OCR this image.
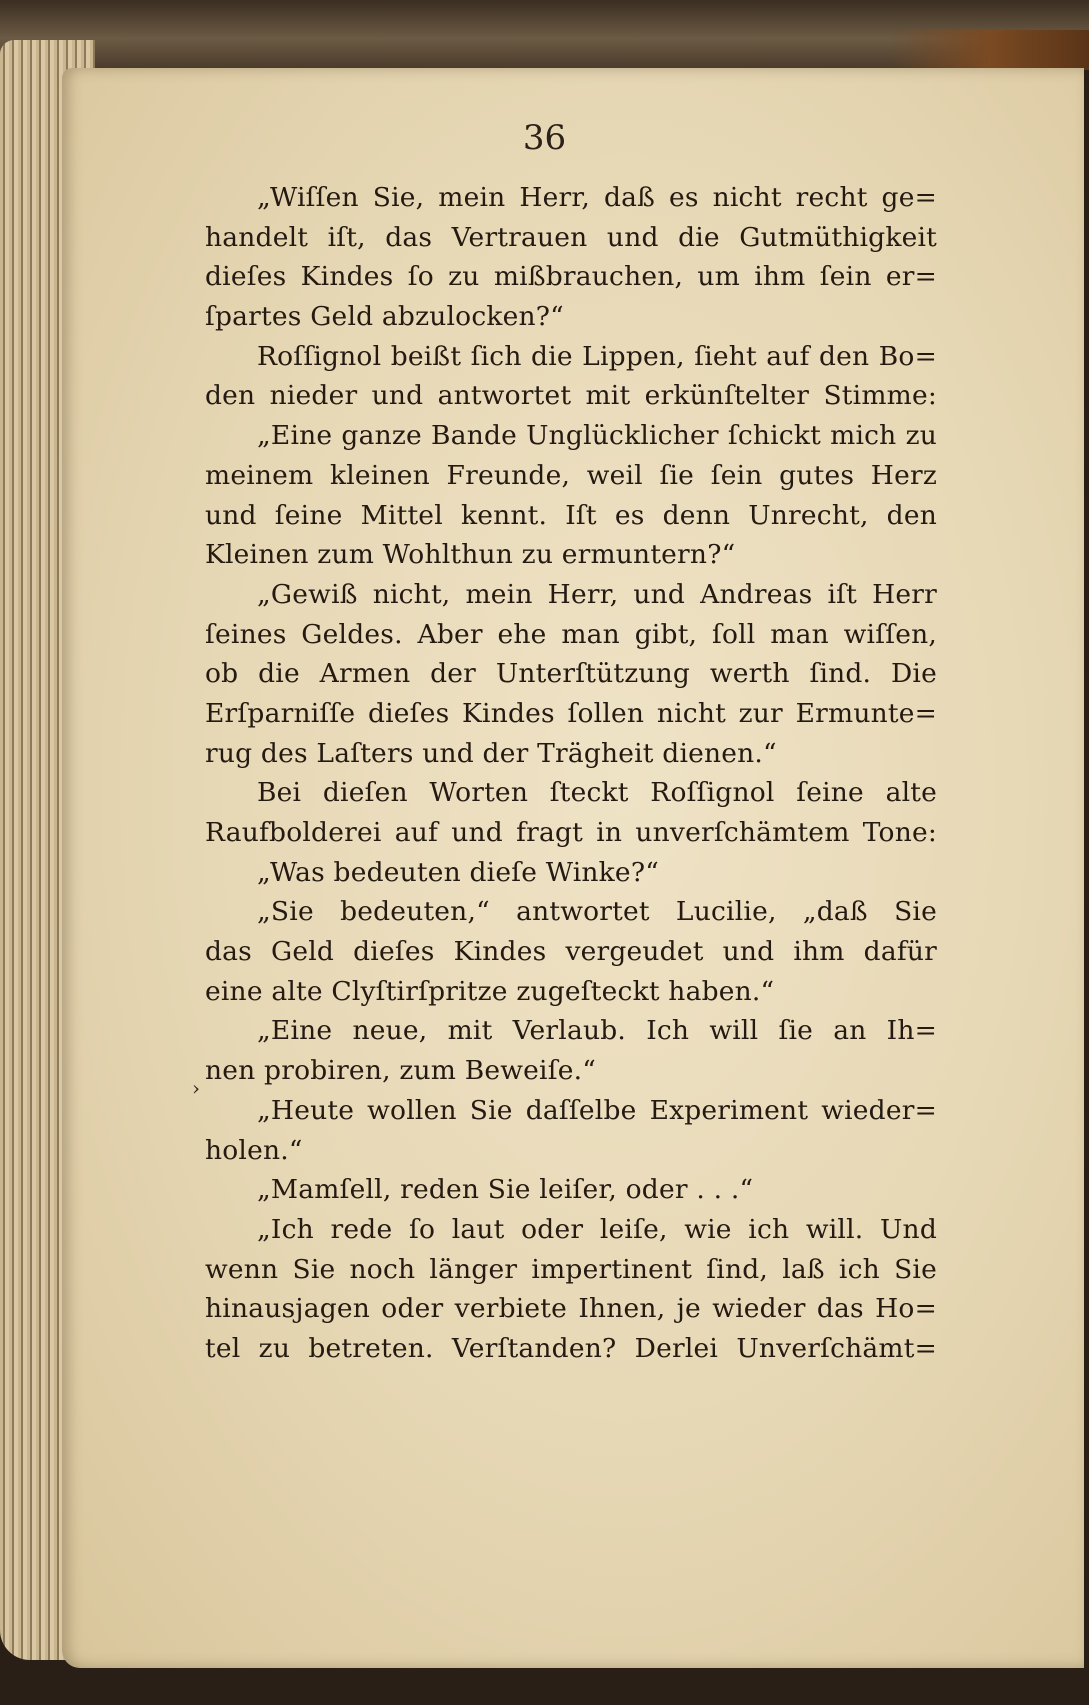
36
„Wiſſen Sie, mein Herr, daß es nicht recht ge=
handelt iſt, das Vertrauen und die Gutmüthigkeit
dieſes Kindes ſo zu mißbrauchen, um ihm ſein er=
ſpartes Geld abzulocken?“
Roſſignol beißt ſich die Lippen, ſieht auf den Bo=
den nieder und antwortet mit erkünſtelter Stimme:
„Eine ganze Bande Unglücklicher ſchickt mich zu
meinem kleinen Freunde, weil ſie ſein gutes Herz
und ſeine Mittel kennt. Iſt es denn Unrecht, den
Kleinen zum Wohlthun zu ermuntern?“
„Gewiß nicht, mein Herr, und Andreas iſt Herr
ſeines Geldes. Aber ehe man gibt, ſoll man wiſſen,
ob die Armen der Unterſtützung werth ſind. Die
Erſparniſſe dieſes Kindes ſollen nicht zur Ermunte=
rug des Laſters und der Trägheit dienen.“
Bei dieſen Worten ſteckt Roſſignol ſeine alte
Raufbolderei auf und fragt in unverſchämtem Tone:
„Was bedeuten dieſe Winke?“
„Sie bedeuten,“ antwortet Lucilie, „daß Sie
das Geld dieſes Kindes vergeudet und ihm dafür
eine alte Clyſtirſpritze zugeſteckt haben.“
„Eine neue, mit Verlaub. Ich will ſie an Ih=
nen probiren, zum Beweiſe.“
„Heute wollen Sie daſſelbe Experiment wieder=
holen.“
„Mamſell, reden Sie leiſer, oder . . .“
„Ich rede ſo laut oder leiſe, wie ich will. Und
wenn Sie noch länger impertinent ſind, laß ich Sie
hinausjagen oder verbiete Ihnen, je wieder das Ho=
tel zu betreten. Verſtanden? Derlei Unverſchämt=
›
